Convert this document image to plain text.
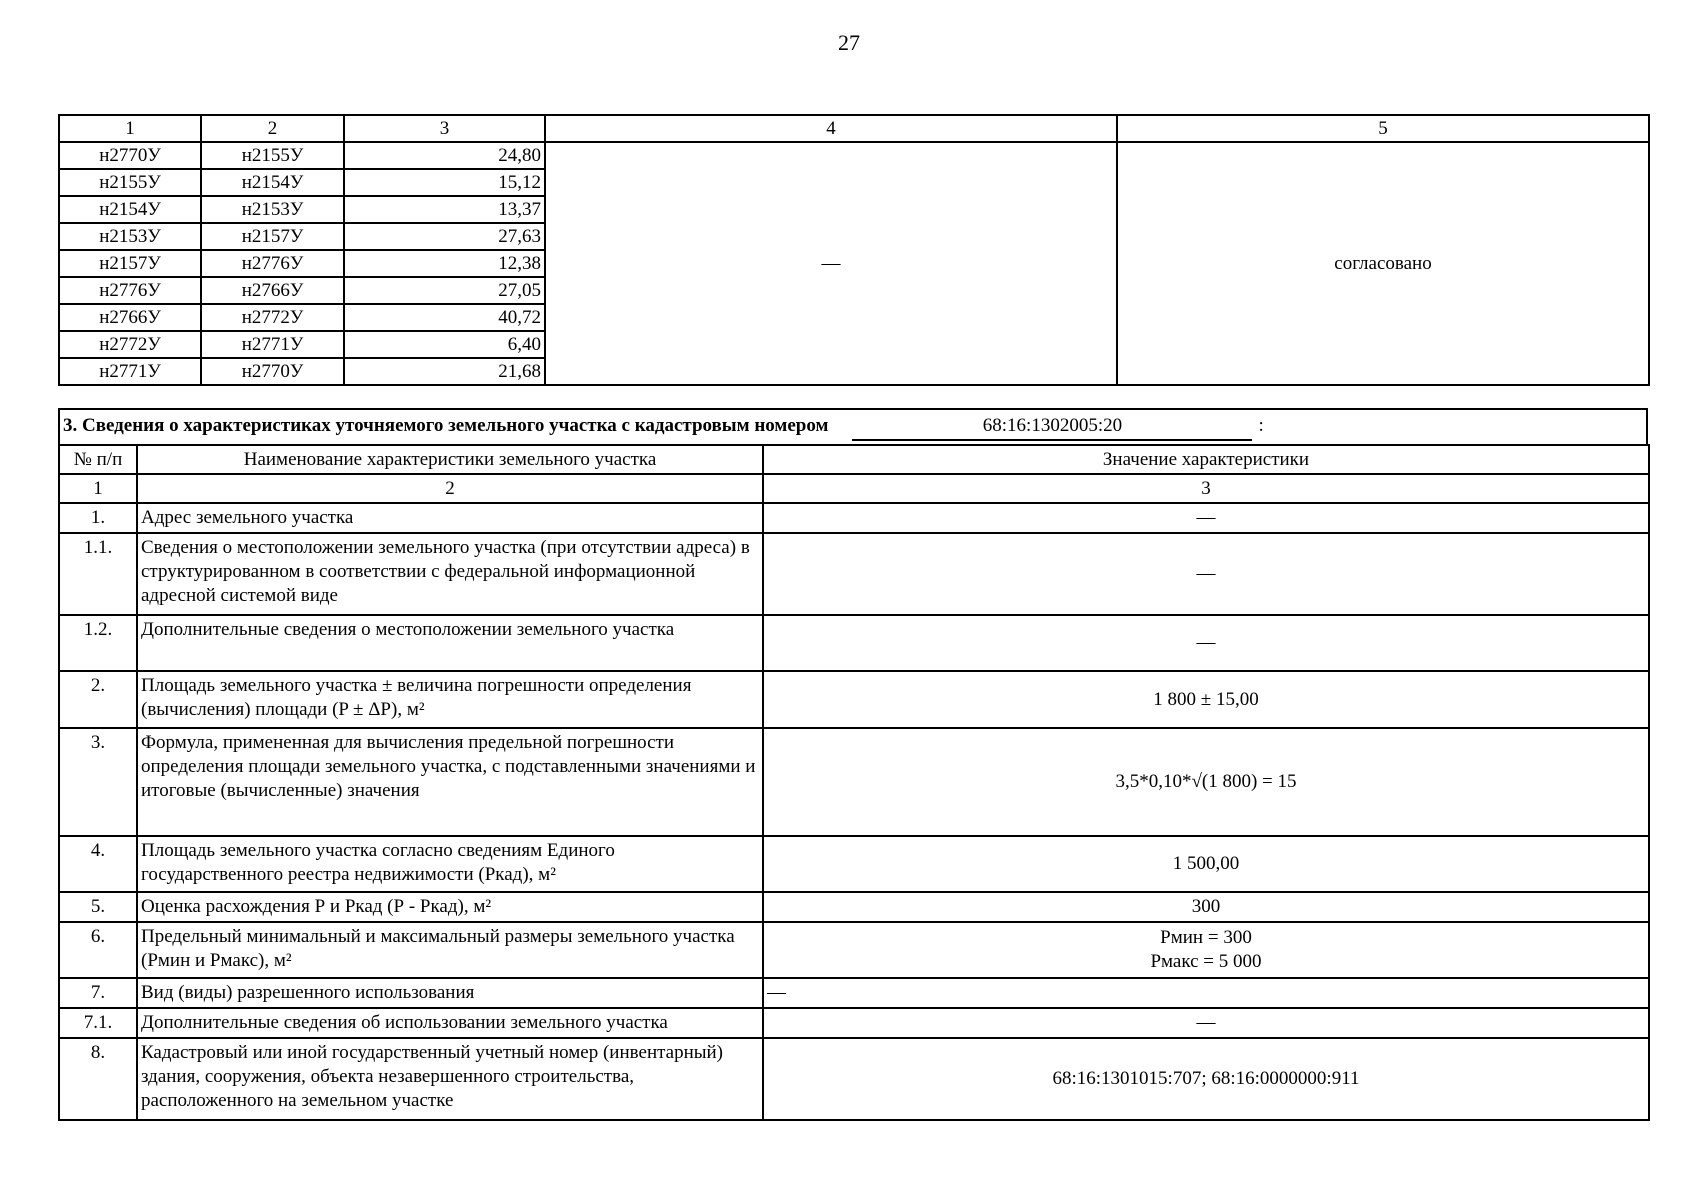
27
1	2	3	4	5
н2770У	н2155У	24,80	—	согласовано
н2155У	н2154У	15,12		
н2154У	н2153У	13,37		
н2153У	н2157У	27,63		
н2157У	н2776У	12,38		
н2776У	н2766У	27,05		
н2766У	н2772У	40,72		
н2772У	н2771У	6,40		
н2771У	н2770У	21,68		
3. Сведения о характеристиках уточняемого земельного участка с кадастровым номером	68:16:1302005:20	:
№ п/п	Наименование характеристики земельного участка	Значение характеристики
1	2	3
1.	Адрес земельного участка	—

1.1.	Сведения о местоположении земельного участка (при отсутствии адреса) в структурированном в соответствии с федеральной информационной адресной системой виде	—

1.2.	Дополнительные сведения о местоположении земельного участка	—

2.	Площадь земельного участка ± величина погрешности определения (вычисления) площади (P ± ΔP), м²	1 800 ± 15,00

3.	Формула, примененная для вычисления предельной погрешности определения площади земельного участка, с подставленными значениями и итоговые (вычисленные) значения	3,5*0,10*√(1 800) = 15

4.	Площадь земельного участка согласно сведениям Единого государственного реестра недвижимости (Ркад), м²	1 500,00

5.	Оценка расхождения Р и Ркад (Р - Ркад), м²	300

6.	Предельный минимальный и максимальный размеры земельного участка (Рмин и Рмакс), м²	Рмин = 300
Рмакс = 5 000

7.	Вид (виды) разрешенного использования	—

7.1.	Дополнительные сведения об использовании земельного участка	—

8.	Кадастровый или иной государственный учетный номер (инвентарный) здания, сооружения, объекта незавершенного строительства, расположенного на земельном участке	68:16:1301015:707; 68:16:0000000:911
